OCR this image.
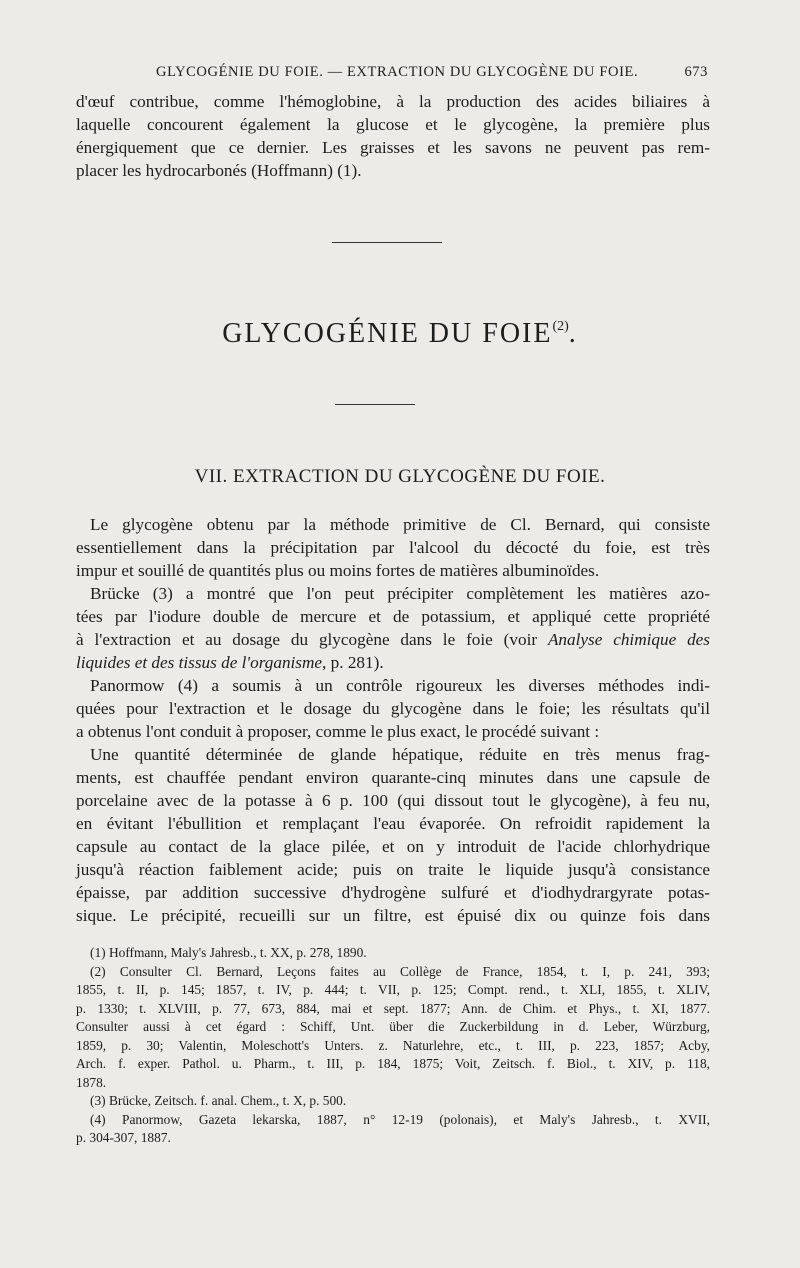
GLYCOGÉNIE DU FOIE. — EXTRACTION DU GLYCOGÈNE DU FOIE.	673
d'œuf contribue, comme l'hémoglobine, à la production des acides biliaires à
laquelle concourent également la glucose et le glycogène, la première plus
énergiquement que ce dernier. Les graisses et les savons ne peuvent pas rem-
placer les hydrocarbonés (Hoffmann) (1).
GLYCOGÉNIE DU FOIE$^{(2)}$.
VII. EXTRACTION DU GLYCOGÈNE DU FOIE.
Le glycogène obtenu par la méthode primitive de Cl. Bernard, qui consiste
essentiellement dans la précipitation par l'alcool du décocté du foie, est très
impur et souillé de quantités plus ou moins fortes de matières albuminoïdes.
Brücke (3) a montré que l'on peut précipiter complètement les matières azo-
tées par l'iodure double de mercure et de potassium, et appliqué cette propriété
à l'extraction et au dosage du glycogène dans le foie (voir Analyse chimique des
liquides et des tissus de l'organisme, p. 281).
Panormow (4) a soumis à un contrôle rigoureux les diverses méthodes indi-
quées pour l'extraction et le dosage du glycogène dans le foie; les résultats qu'il
a obtenus l'ont conduit à proposer, comme le plus exact, le procédé suivant :
Une quantité déterminée de glande hépatique, réduite en très menus frag-
ments, est chauffée pendant environ quarante-cinq minutes dans une capsule de
porcelaine avec de la potasse à 6 p. 100 (qui dissout tout le glycogène), à feu nu,
en évitant l'ébullition et remplaçant l'eau évaporée. On refroidit rapidement la
capsule au contact de la glace pilée, et on y introduit de l'acide chlorhydrique
jusqu'à réaction faiblement acide; puis on traite le liquide jusqu'à consistance
épaisse, par addition successive d'hydrogène sulfuré et d'iodhydrargyrate potas-
sique. Le précipité, recueilli sur un filtre, est épuisé dix ou quinze fois dans
(1) Hoffmann, Maly's Jahresb., t. XX, p. 278, 1890.
(2) Consulter Cl. Bernard, Leçons faites au Collège de France, 1854, t. I, p. 241, 393;
1855, t. II, p. 145; 1857, t. IV, p. 444; t. VII, p. 125; Compt. rend., t. XLI, 1855, t. XLIV,
p. 1330; t. XLVIII, p. 77, 673, 884, mai et sept. 1877; Ann. de Chim. et Phys., t. XI, 1877.
Consulter aussi à cet égard : Schiff, Unt. über die Zuckerbildung in d. Leber, Würzburg,
1859, p. 30; Valentin, Moleschott's Unters. z. Naturlehre, etc., t. III, p. 223, 1857; Acby,
Arch. f. exper. Pathol. u. Pharm., t. III, p. 184, 1875; Voit, Zeitsch. f. Biol., t. XIV, p. 118,
1878.
(3) Brücke, Zeitsch. f. anal. Chem., t. X, p. 500.
(4) Panormow, Gazeta lekarska, 1887, n° 12-19 (polonais), et Maly's Jahresb., t. XVII,
p. 304-307, 1887.
